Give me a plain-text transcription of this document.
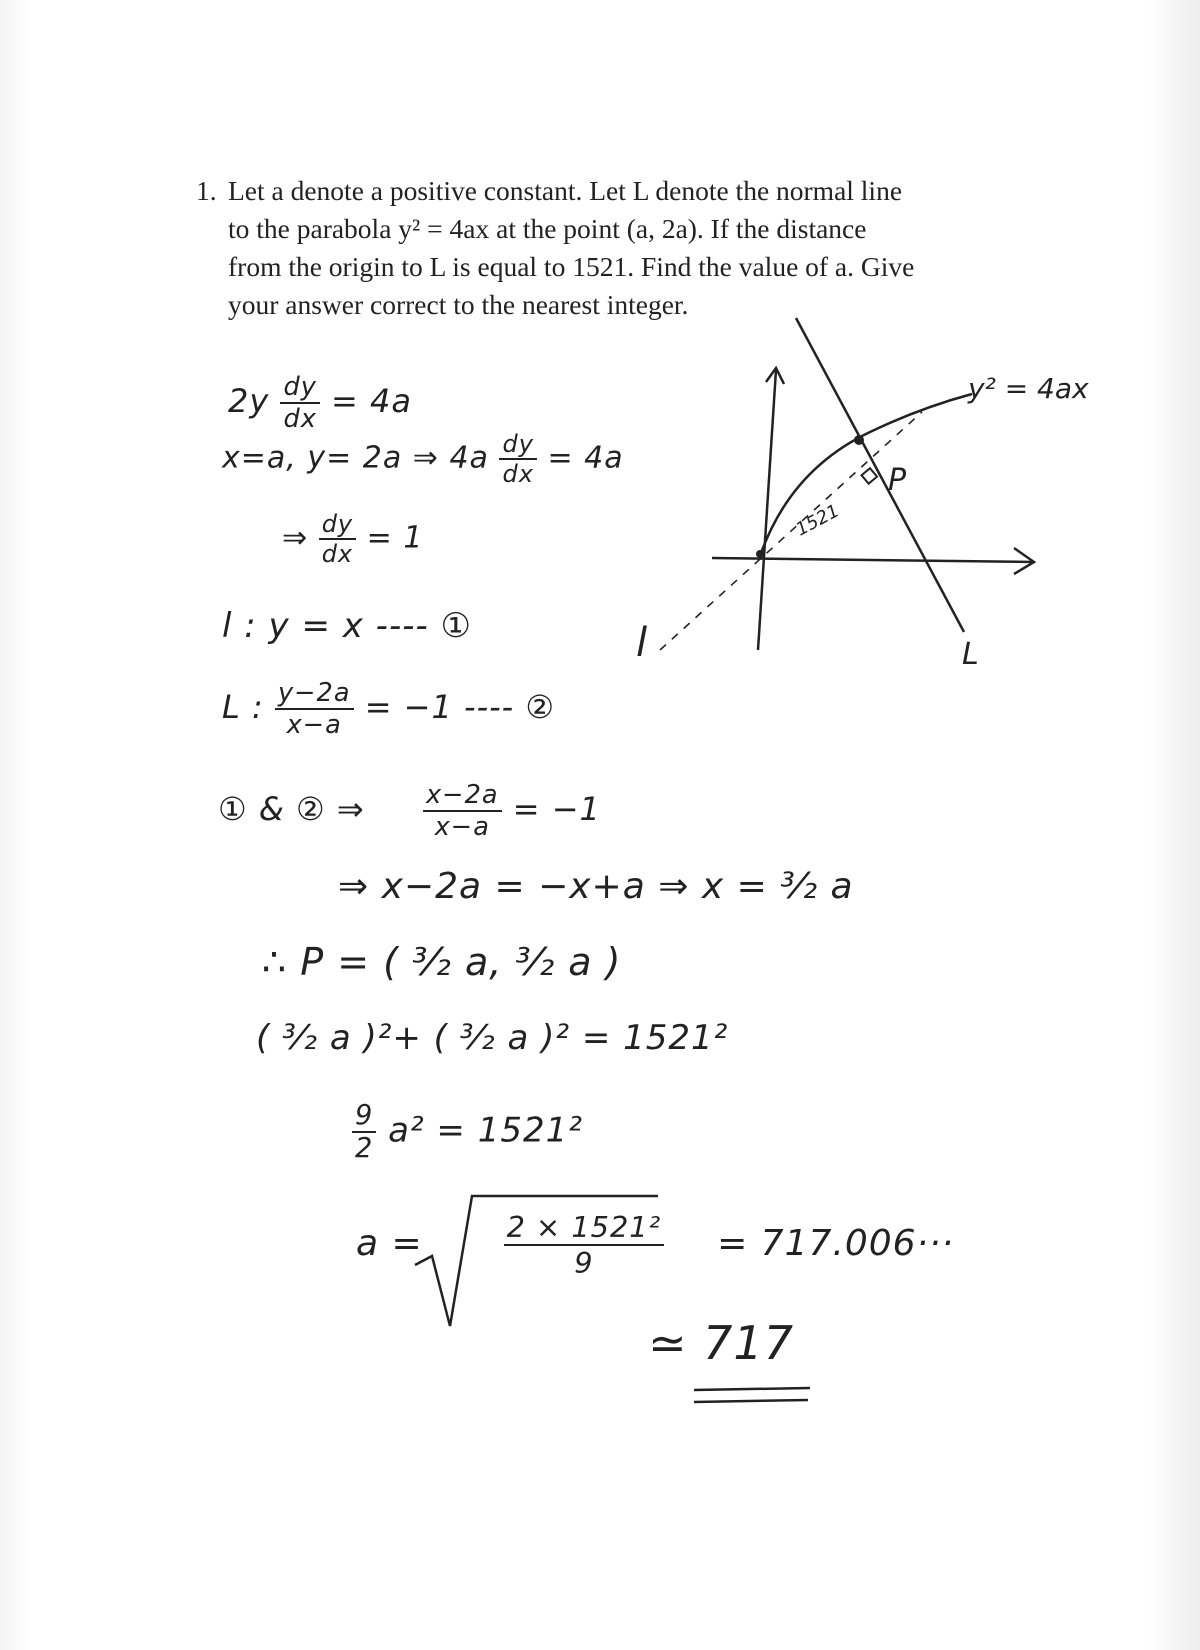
1. Let a denote a positive constant. Let L denote the normal line
to the parabola y² = 4ax at the point (a, 2a). If the distance
from the origin to L is equal to 1521. Find the value of a. Give
your answer correct to the nearest integer.
$2y \frac{dy}{dx} = 4a$
x=a, y= 2a ⇒ $4a \frac{dy}{dx} = 4a$
⇒ $\frac{dy}{dx} = 1$
l : y = x ---- ①
L : $\frac{y-2a}{x-a} = -1$ ---- ②
① & ② ⇒ $\frac{x-2a}{x-a} = -1$
⇒ x−2a = −x+a ⇒ x = ³⁄₂ a
∴ P = ( ³⁄₂ a, ³⁄₂ a )
( ³⁄₂ a )²+ ( ³⁄₂ a )² = 1521²
$\frac{9}{2} a^2 = 1521^2$
a =	$\frac{\text{2 × 1521²}}{9} = 717.006\cdot\cdot\cdot$
≃ 717
y² = 4ax
1521
P
L
l
